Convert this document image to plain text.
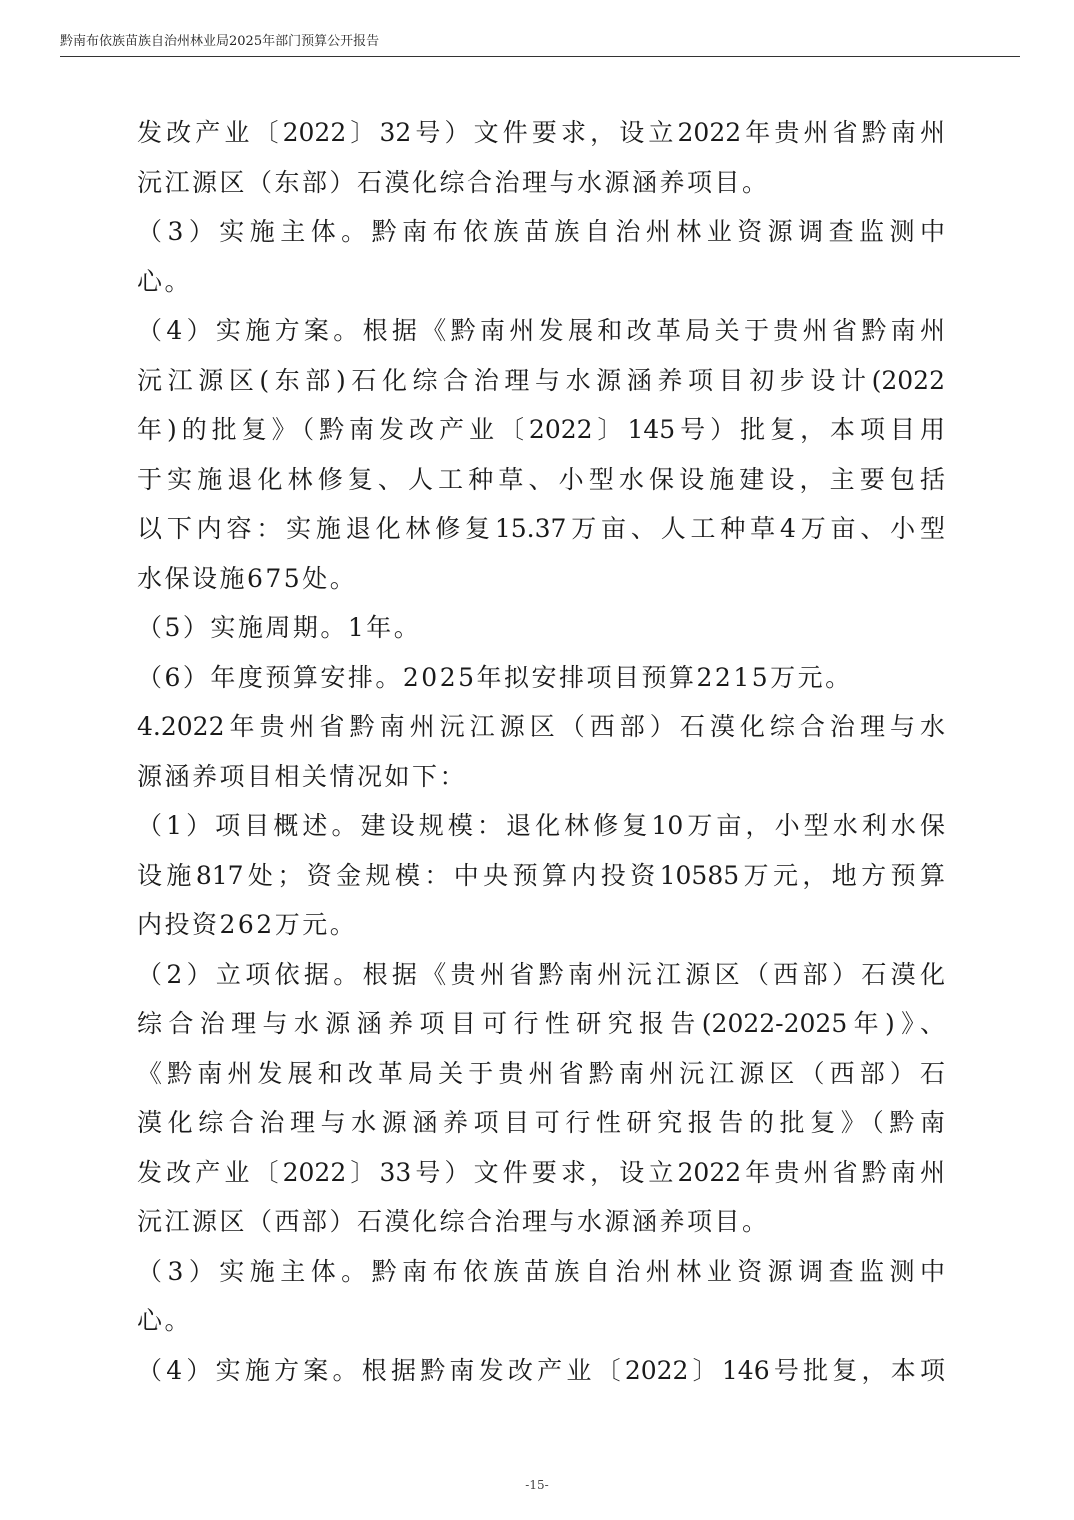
黔南布依族苗族自治州林业局2025年部门预算公开报告
发改产业〔2022〕32号）文件要求，设立2022年贵州省黔南州
沅江源区（东部）石漠化综合治理与水源涵养项目。
（3）实施主体。黔南布依族苗族自治州林业资源调查监测中
心。
（4）实施方案。根据《黔南州发展和改革局关于贵州省黔南州
沅江源区(东部)石化综合治理与水源涵养项目初步设计(2022
年)的批复》（黔南发改产业〔2022〕145号）批复，本项目用
于实施退化林修复、人工种草、小型水保设施建设，主要包括
以下内容：实施退化林修复15.37万亩、人工种草4万亩、小型
水保设施675处。
（5）实施周期。1年。
（6）年度预算安排。2025年拟安排项目预算2215万元。
4.2022年贵州省黔南州沅江源区（西部）石漠化综合治理与水
源涵养项目相关情况如下：
（1）项目概述。建设规模：退化林修复10万亩，小型水利水保
设施817处；资金规模：中央预算内投资10585万元，地方预算
内投资262万元。
（2）立项依据。根据《贵州省黔南州沅江源区（西部）石漠化
综合治理与水源涵养项目可行性研究报告(2022-2025年)》、
《黔南州发展和改革局关于贵州省黔南州沅江源区（西部）石
漠化综合治理与水源涵养项目可行性研究报告的批复》（黔南
发改产业〔2022〕33号）文件要求，设立2022年贵州省黔南州
沅江源区（西部）石漠化综合治理与水源涵养项目。
（3）实施主体。黔南布依族苗族自治州林业资源调查监测中
心。
（4）实施方案。根据黔南发改产业〔2022〕146号批复，本项
-15-
